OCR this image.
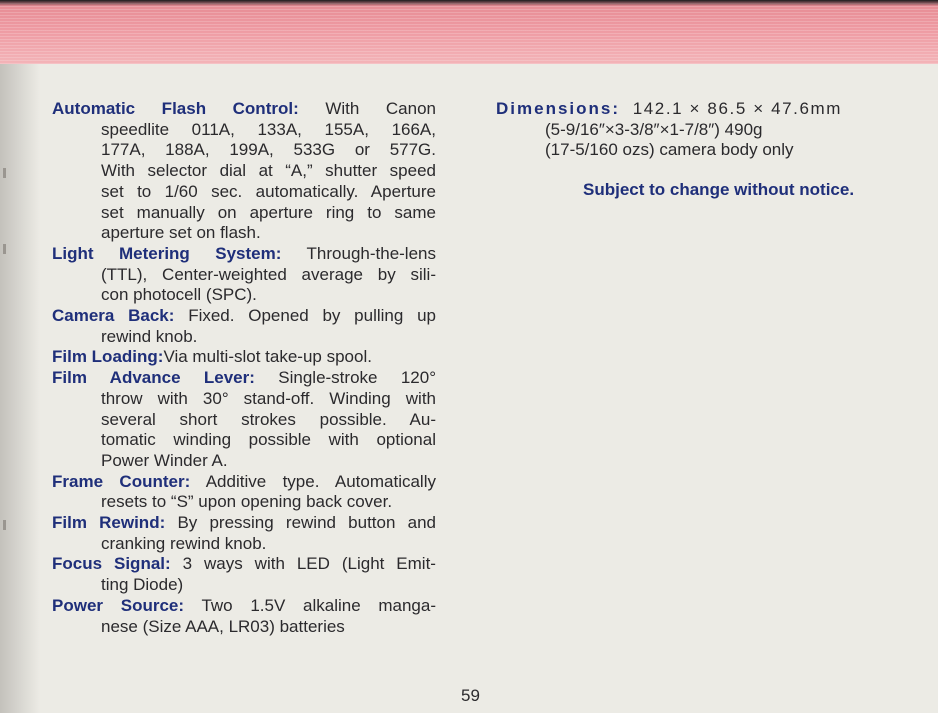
Automatic Flash Control: With Canon
speedlite 011A, 133A, 155A, 166A,
177A, 188A, 199A, 533G or 577G.
With selector dial at “A,” shutter speed
set to 1/60 sec. automatically. Aperture
set manually on aperture ring to same
aperture set on flash.
Light Metering System: Through-the-lens
(TTL), Center-weighted average by sili-
con photocell (SPC).
Camera Back: Fixed. Opened by pulling up
rewind knob.
Film Loading:Via multi-slot take-up spool.
Film Advance Lever: Single-stroke 120°
throw with 30° stand-off. Winding with
several short strokes possible. Au-
tomatic winding possible with optional
Power Winder A.
Frame Counter: Additive type. Automatically
resets to “S” upon opening back cover.
Film Rewind: By pressing rewind button and
cranking rewind knob.
Focus Signal: 3 ways with LED (Light Emit-
ting Diode)
Power Source: Two 1.5V alkaline manga-
nese (Size AAA, LR03) batteries
Dimensions: 142.1 × 86.5 × 47.6mm
(5-9/16″×3-3/8″×1-7/8″) 490g
(17-5/160 ozs) camera body only
Subject to change without notice.
59
